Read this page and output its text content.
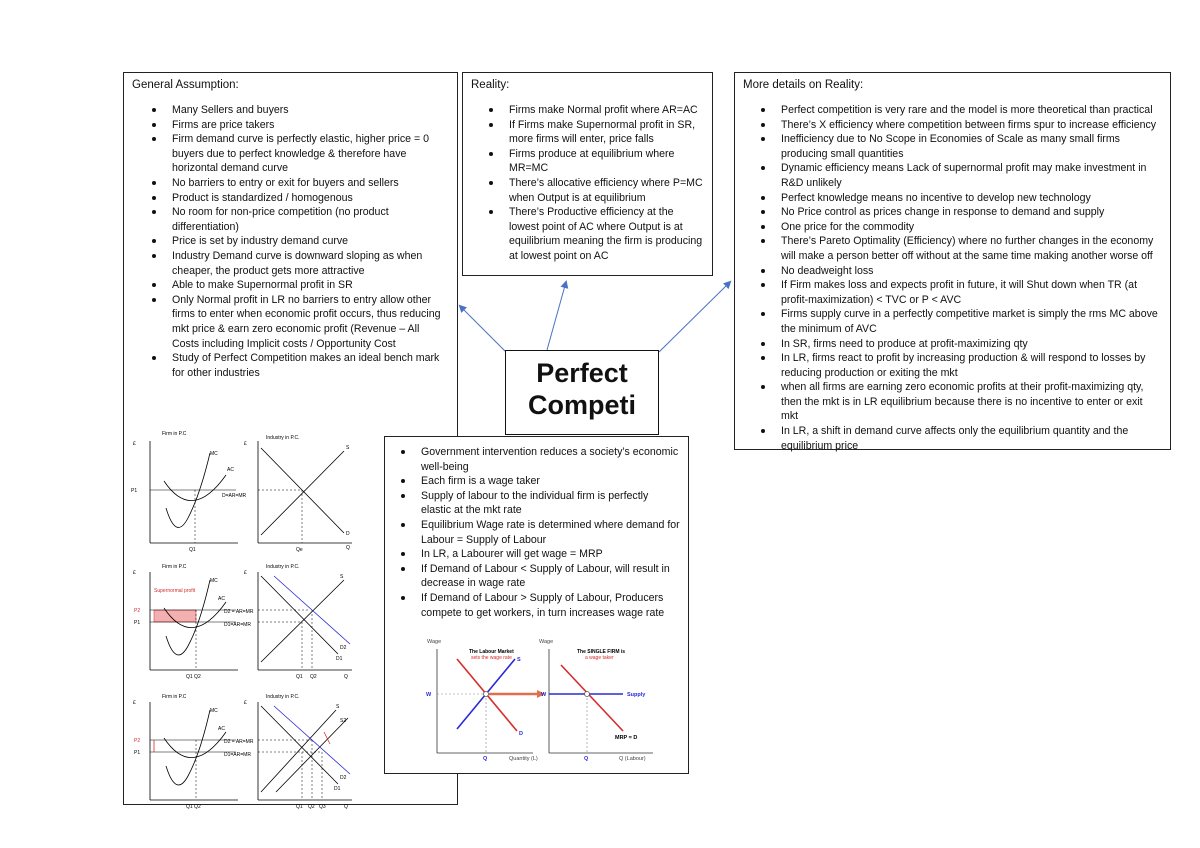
General Assumption:
Many Sellers and buyers
Firms are price takers
Firm demand curve is perfectly elastic, higher price = 0 buyers due to perfect knowledge & therefore have horizontal demand curve
No barriers to entry or exit for buyers and sellers
Product is standardized / homogenous
No room for non-price competition (no product differentiation)
Price is set by industry demand curve
Industry Demand curve is downward sloping as when cheaper, the product gets more attractive
Able to make Supernormal profit in SR
Only Normal profit in LR no barriers to entry allow other firms to enter when economic profit occurs, thus reducing mkt price & earn zero economic profit (Revenue – All Costs including Implicit costs / Opportunity Cost
Study of Perfect Competition makes an ideal bench mark for other industries
Firm in P.C
£
MC
AC
P1
D=AR=MR
Q1
Industry in P.C.
£
S
D
Qe	Q
Firm in P.C
£
MC
AC
Supernormal profit
P2
P1
D2 = AR=MR
D1=AR=MR
Q1 Q2
Industry in P.C.
£
S
D2
D1
Q1 Q2	Q
Firm in P.C
£
MC
AC
P2
P1
D2 = AR=MR
D1=AR=MR
Q1 Q2
Industry in P.C.
£
S
S2
D2
D1
Q1 Q2 Q3	Q
Reality:
Firms make Normal profit where AR=AC
If Firms make Supernormal profit in SR, more firms will enter, price falls
Firms produce at equilibrium where MR=MC
There’s allocative efficiency where P=MC when Output is at equilibrium
There’s Productive efficiency at the lowest point of AC where Output is at equilibrium meaning the firm is producing at lowest point on AC
More details on Reality:
Perfect competition is very rare and the model is more theoretical than practical
There’s X efficiency where competition between firms spur to increase efficiency
Inefficiency due to No Scope in Economies of Scale as many small firms producing small quantities
Dynamic efficiency means Lack of supernormal profit may make investment in R&D unlikely
Perfect knowledge means no incentive to develop new technology
No Price control as prices change in response to demand and supply
One price for the commodity
There’s Pareto Optimality (Efficiency) where no further changes in the economy will make a person better off without at the same time making another worse off
No deadweight loss
If Firm makes loss and expects profit in future, it will Shut down when TR (at profit-maximization) < TVC or P < AVC
Firms supply curve in a perfectly competitive market is simply the rms MC above the minimum of AVC
In SR, firms need to produce at profit-maximizing qty
In LR, firms react to profit by increasing production & will respond to losses by reducing production or exiting the mkt
when all firms are earning zero economic profits at their profit-maximizing qty, then the mkt is in LR equilibrium because there is no incentive to enter or exit mkt
In LR, a shift in demand curve affects only the equilibrium quantity and the equilibrium price
Perfect Competi
Government intervention reduces a society’s economic well-being
Each firm is a wage taker
Supply of labour to the individual firm is perfectly elastic at the mkt rate
Equilibrium Wage rate is determined where demand for Labour = Supply of Labour
In LR, a Labourer will get wage = MRP
If Demand of Labour < Supply of Labour, will result in decrease in wage rate
If Demand of Labour > Supply of Labour, Producers compete to get workers, in turn increases wage rate
Wage
The Labour Market
sets the wage rate S
D
W
Q	Quantity (L)
Wage
The SINGLE FIRM is
a wage taker
W	Supply
MRP = D
Q	Q (Labour)
